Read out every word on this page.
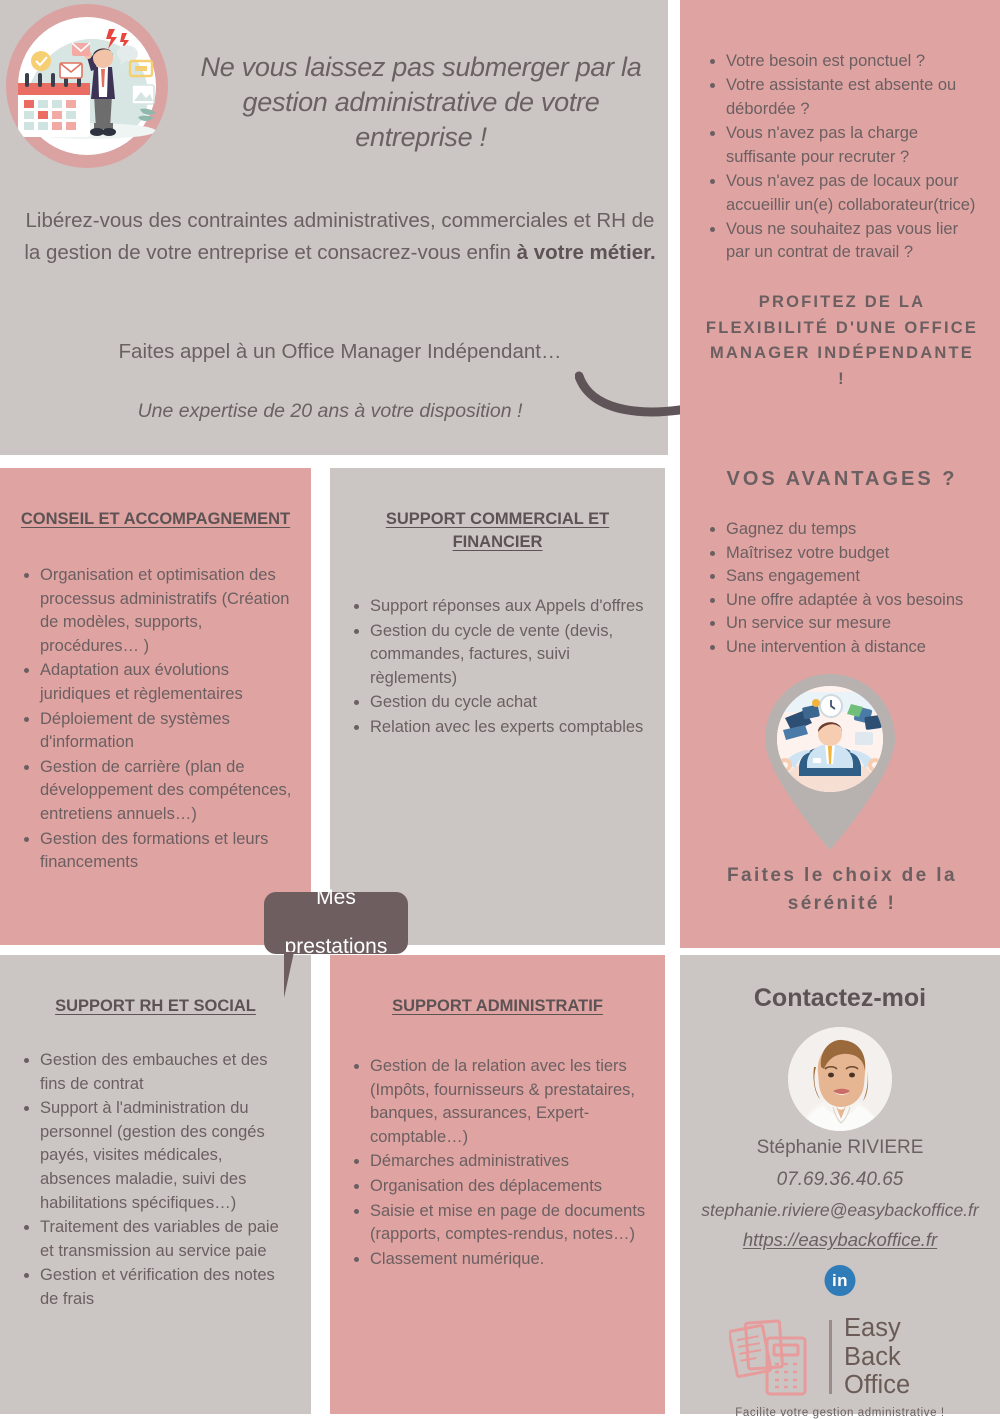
Ne vous laissez pas submerger par la gestion administrative de votre entreprise !
Libérez-vous des contraintes administratives, commerciales et RH de la gestion de votre entreprise et consacrez-vous enfin à votre métier.
Faites appel à un Office Manager Indépendant…
Une expertise de 20 ans à votre disposition !
• Votre besoin est ponctuel ?
• Votre assistante est absente ou débordée ?
• Vous n'avez pas la charge suffisante pour recruter ?
• Vous n'avez pas de locaux pour accueillir un(e) collaborateur(trice)
• Vous ne souhaitez pas vous lier par un contrat de travail ?
PROFITEZ DE LA FLEXIBILITÉ D'UNE OFFICE MANAGER INDÉPENDANTE !
VOS AVANTAGES ?
• Gagnez du temps
• Maîtrisez votre budget
• Sans engagement
• Une offre adaptée à vos besoins
• Un service sur mesure
• Une intervention à distance
Faites le choix de la sérénité !
CONSEIL ET ACCOMPAGNEMENT
• Organisation et optimisation des processus administratifs (Création de modèles, supports, procédures… )
• Adaptation aux évolutions juridiques et règlementaires
• Déploiement de systèmes d'information
• Gestion de carrière (plan de développement des compétences, entretiens annuels…)
• Gestion des formations et leurs financements
SUPPORT COMMERCIAL ET FINANCIER
• Support réponses aux Appels d'offres
• Gestion du cycle de vente (devis, commandes, factures, suivi règlements)
• Gestion du cycle achat
• Relation avec les experts comptables
SUPPORT RH ET SOCIAL
• Gestion des embauches et des fins de contrat
• Support à l'administration du personnel (gestion des congés payés, visites médicales, absences maladie, suivi des habilitations spécifiques…)
• Traitement des variables de paie et transmission au service paie
• Gestion et vérification des notes de frais
SUPPORT ADMINISTRATIF
• Gestion de la relation avec les tiers (Impôts, fournisseurs & prestataires, banques, assurances, Expert-comptable…)
• Démarches administratives
• Organisation des déplacements
• Saisie et mise en page de documents (rapports, comptes-rendus, notes…)
• Classement numérique.
Mes

prestations
Contactez-moi
Stéphanie RIVIERE
07.69.36.40.65
stephanie.riviere@easybackoffice.fr
https://easybackoffice.fr
in
Easy
Back
Office
Facilite votre gestion administrative !
